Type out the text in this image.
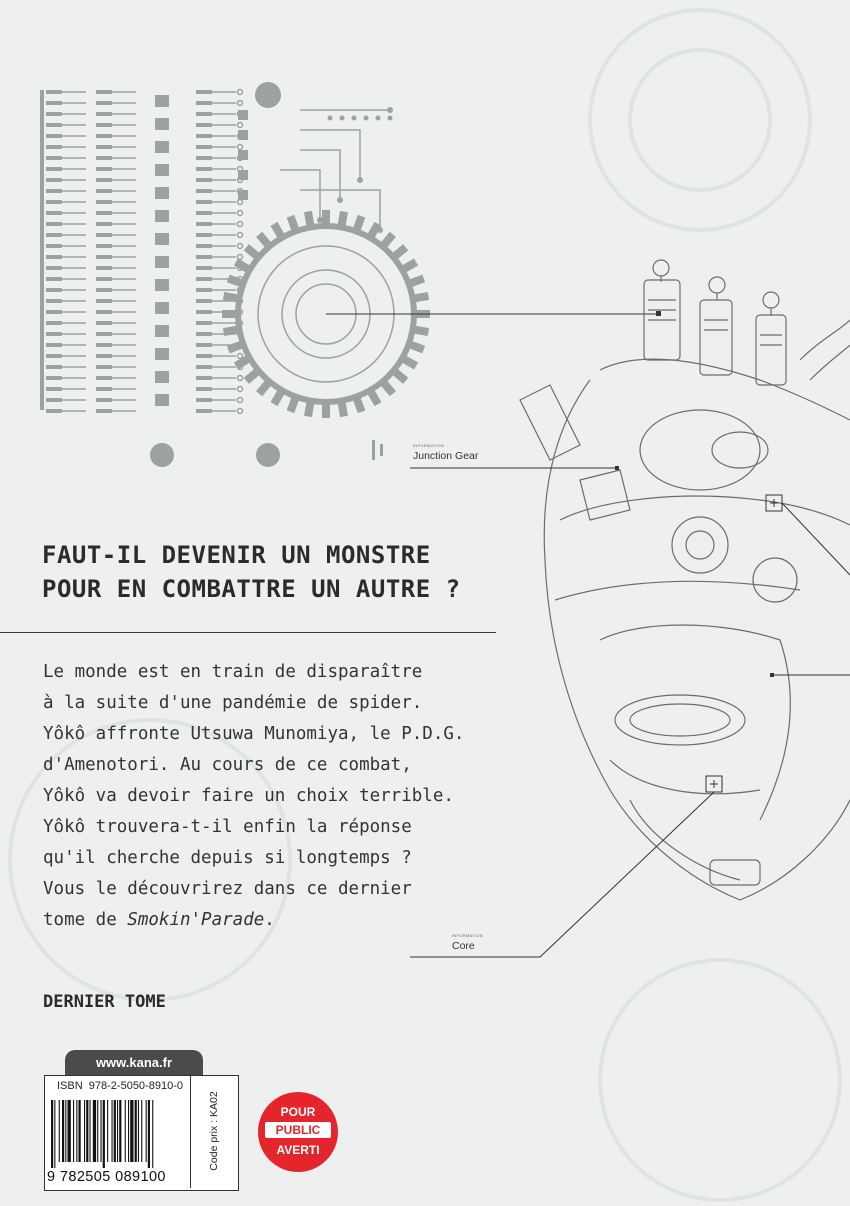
INFORMATION
Junction Gear
INFORMATION
Core
FAUT-IL DEVENIR UN MONSTRE
POUR EN COMBATTRE UN AUTRE ?
Le monde est en train de disparaître
à la suite d'une pandémie de spider.
Yôkô affronte Utsuwa Munomiya, le P.D.G.
d'Amenotori. Au cours de ce combat,
Yôkô va devoir faire un choix terrible.
Yôkô trouvera-t-il enfin la réponse
qu'il cherche depuis si longtemps ?
Vous le découvrirez dans ce dernier
tome de Smokin'Parade.
DERNIER TOME
www.kana.fr
ISBN  978-2-5050-8910-0
9 782505 089100
Code prix : KA02	POUR
PUBLIC
AVERTI
